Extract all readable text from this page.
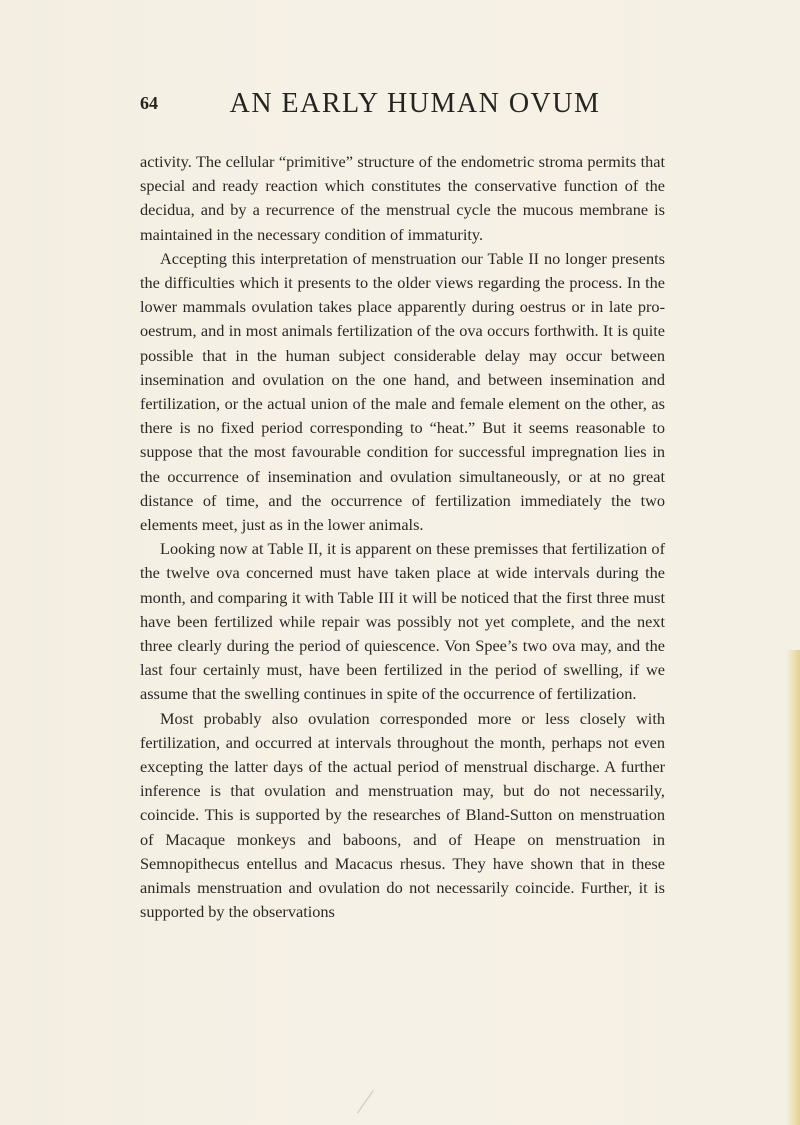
64	AN EARLY HUMAN OVUM

activity. The cellular “primitive” structure of the endometric stroma permits that special and ready reaction which constitutes the conservative function of the decidua, and by a recurrence of the menstrual cycle the mucous membrane is maintained in the necessary condition of immaturity.

Accepting this interpretation of menstruation our Table II no longer presents the difficulties which it presents to the older views regarding the process. In the lower mammals ovulation takes place apparently during oestrus or in late pro-oestrum, and in most animals fertilization of the ova occurs forthwith. It is quite possible that in the human subject considerable delay may occur between insemination and ovulation on the one hand, and between insemination and fertilization, or the actual union of the male and female element on the other, as there is no fixed period corresponding to “heat.” But it seems reasonable to suppose that the most favourable condition for successful impregnation lies in the occurrence of insemination and ovulation simultaneously, or at no great distance of time, and the occurrence of fertilization immediately the two elements meet, just as in the lower animals.

Looking now at Table II, it is apparent on these premisses that fertilization of the twelve ova concerned must have taken place at wide intervals during the month, and comparing it with Table III it will be noticed that the first three must have been fertilized while repair was possibly not yet complete, and the next three clearly during the period of quiescence. Von Spee’s two ova may, and the last four certainly must, have been fertilized in the period of swelling, if we assume that the swelling continues in spite of the occurrence of fertilization.

Most probably also ovulation corresponded more or less closely with fertilization, and occurred at intervals throughout the month, perhaps not even excepting the latter days of the actual period of menstrual discharge. A further inference is that ovulation and menstruation may, but do not necessarily, coincide. This is supported by the researches of Bland-Sutton on menstruation of Macaque monkeys and baboons, and of Heape on menstruation in Semnopithecus entellus and Macacus rhesus. They have shown that in these animals menstruation and ovulation do not necessarily coincide. Further, it is supported by the observations
